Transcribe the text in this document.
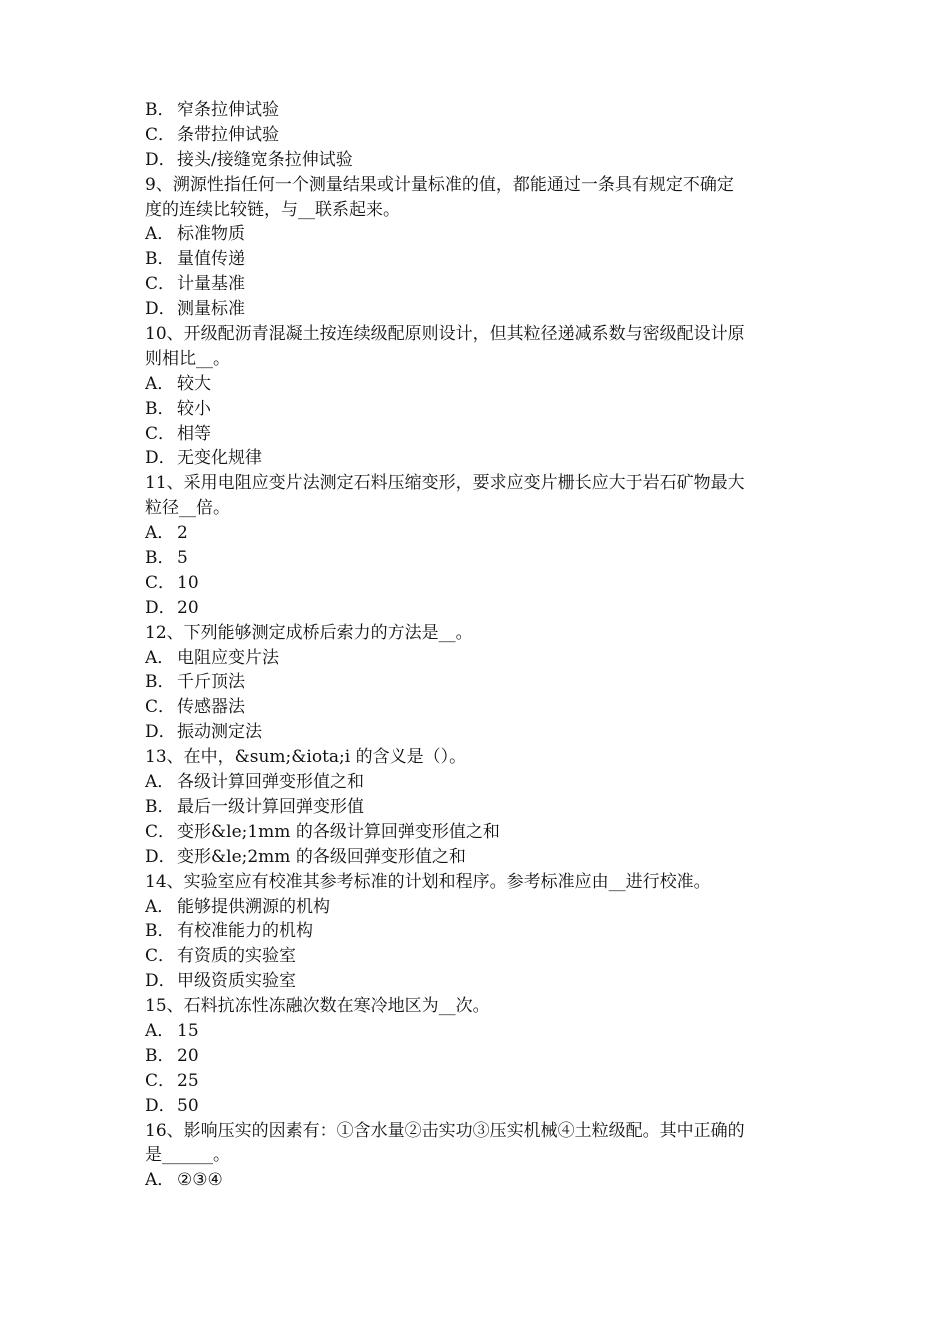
B． 窄条拉伸试验
C． 条带拉伸试验
D．接头/接缝宽条拉伸试验
9、溯源性指任何一个测量结果或计量标准的值，都能通过一条具有规定不确定
度的连续比较链，与__联系起来。
A． 标准物质
B． 量值传递
C． 计量基准
D．测量标准
10、开级配沥青混凝土按连续级配原则设计，但其粒径递减系数与密级配设计原
则相比__。
A． 较大
B． 较小
C． 相等
D．无变化规律
11、采用电阻应变片法测定石料压缩变形，要求应变片栅长应大于岩石矿物最大
粒径__倍。
A． 2
B． 5
C． 10
D．20
12、下列能够测定成桥后索力的方法是__。
A． 电阻应变片法
B． 千斤顶法
C． 传感器法
D．振动测定法
13、在中，&sum;&iota;i 的含义是（）。
A． 各级计算回弹变形值之和
B． 最后一级计算回弹变形值
C． 变形&le;1mm 的各级计算回弹变形值之和
D．变形&le;2mm 的各级回弹变形值之和
14、实验室应有校准其参考标准的计划和程序。参考标准应由__进行校准。
A． 能够提供溯源的机构
B． 有校准能力的机构
C． 有资质的实验室
D．甲级资质实验室
15、石料抗冻性冻融次数在寒冷地区为__次。
A． 15
B． 20
C． 25
D．50
16、影响压实的因素有：①含水量②击实功③压实机械④土粒级配。其中正确的
是______。
A． ②③④
